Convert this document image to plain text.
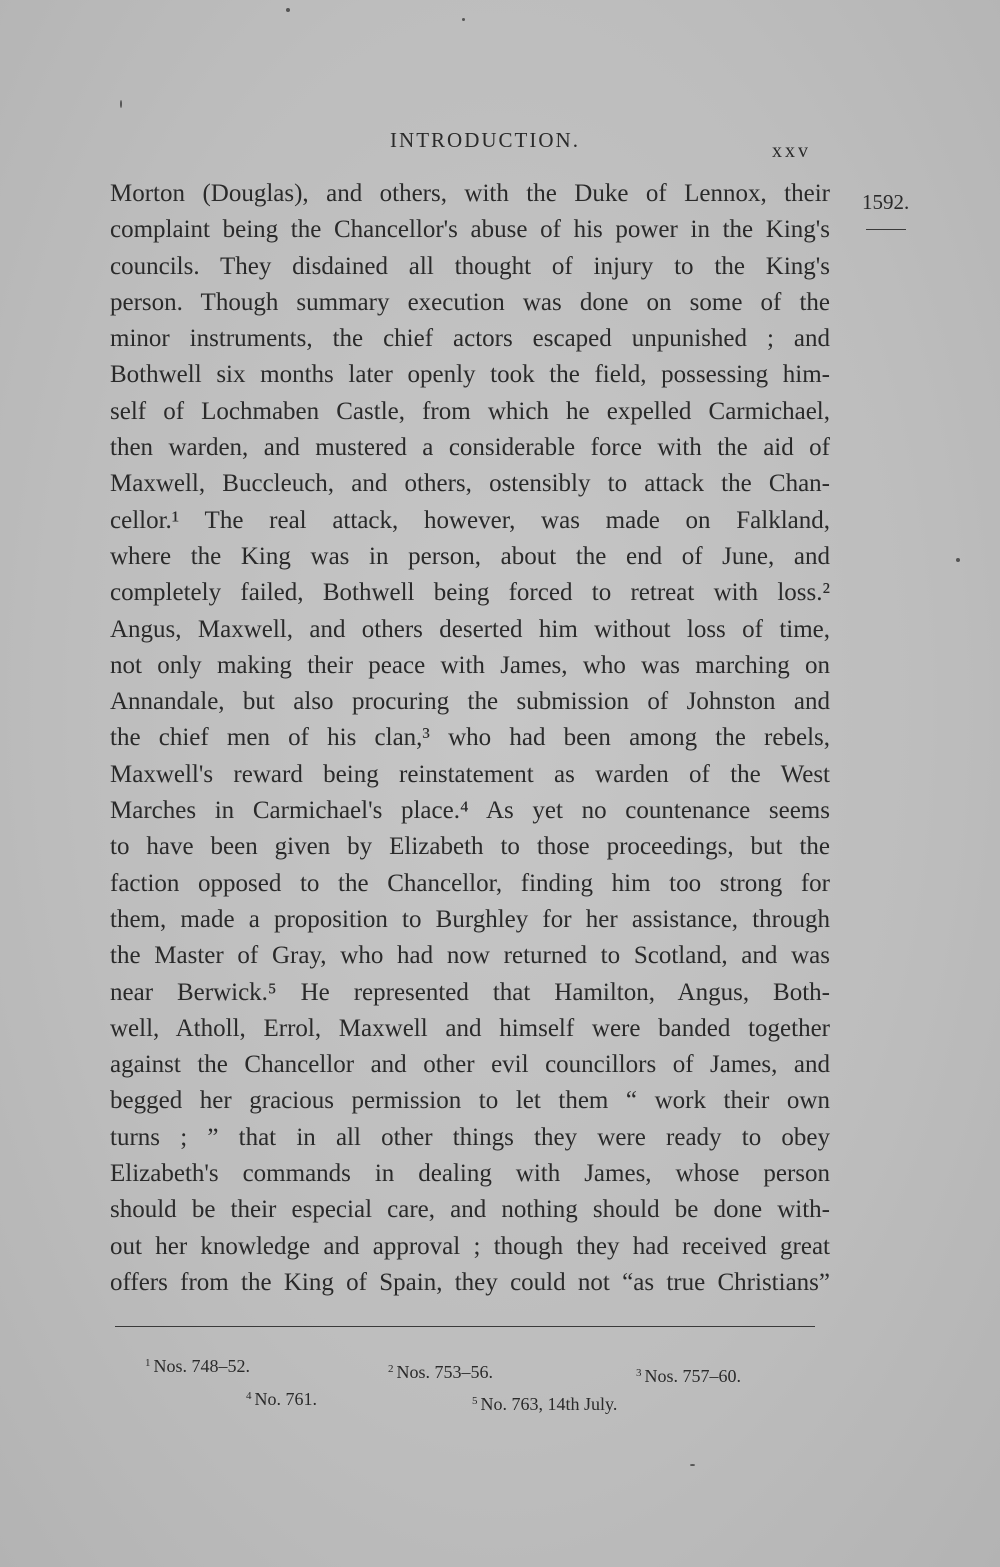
INTRODUCTION.	xxv
1592.
Morton (Douglas), and others, with the Duke of Lennox, their
complaint being the Chancellor's abuse of his power in the King's
councils. They disdained all thought of injury to the King's
person. Though summary execution was done on some of the
minor instruments, the chief actors escaped unpunished ; and
Bothwell six months later openly took the field, possessing him-
self of Lochmaben Castle, from which he expelled Carmichael,
then warden, and mustered a considerable force with the aid of
Maxwell, Buccleuch, and others, ostensibly to attack the Chan-
cellor.¹ The real attack, however, was made on Falkland,
where the King was in person, about the end of June, and
completely failed, Bothwell being forced to retreat with loss.²
Angus, Maxwell, and others deserted him without loss of time,
not only making their peace with James, who was marching on
Annandale, but also procuring the submission of Johnston and
the chief men of his clan,³ who had been among the rebels,
Maxwell's reward being reinstatement as warden of the West
Marches in Carmichael's place.⁴ As yet no countenance seems
to have been given by Elizabeth to those proceedings, but the
faction opposed to the Chancellor, finding him too strong for
them, made a proposition to Burghley for her assistance, through
the Master of Gray, who had now returned to Scotland, and was
near Berwick.⁵ He represented that Hamilton, Angus, Both-
well, Atholl, Errol, Maxwell and himself were banded together
against the Chancellor and other evil councillors of James, and
begged her gracious permission to let them “ work their own
turns ; ” that in all other things they were ready to obey
Elizabeth's commands in dealing with James, whose person
should be their especial care, and nothing should be done with-
out her knowledge and approval ; though they had received great
offers from the King of Spain, they could not “as true Christians”
$^1$ Nos. 748–52.	$^2$ Nos. 753–56.	$^3$ Nos. 757–60.
$^4$ No. 761.	$^5$ No. 763, 14th July.
